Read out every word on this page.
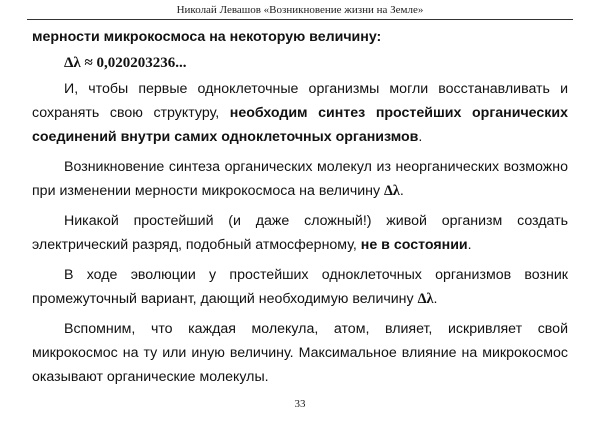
Николай Левашов «Возникновение жизни на Земле»

мерности микрокосмоса на некоторую величину:

Δλ ≈ 0,020203236...

И, чтобы первые одноклеточные организмы могли восстанавливать и сохранять свою структуру, необходим синтез простейших органических соединений внутри самих одноклеточных организмов.

Возникновение синтеза органических молекул из неорганических возможно при изменении мерности микрокосмоса на величину Δλ.

Никакой простейший (и даже сложный!) живой организм создать электрический разряд, подобный атмосферному, не в состоянии.

В ходе эволюции у простейших одноклеточных организмов возник промежуточный вариант, дающий необходимую величину Δλ.

Вспомним, что каждая молекула, атом, влияет, искривляет свой микрокосмос на ту или иную величину. Максимальное влияние на микрокосмос оказывают органические молекулы.

33
